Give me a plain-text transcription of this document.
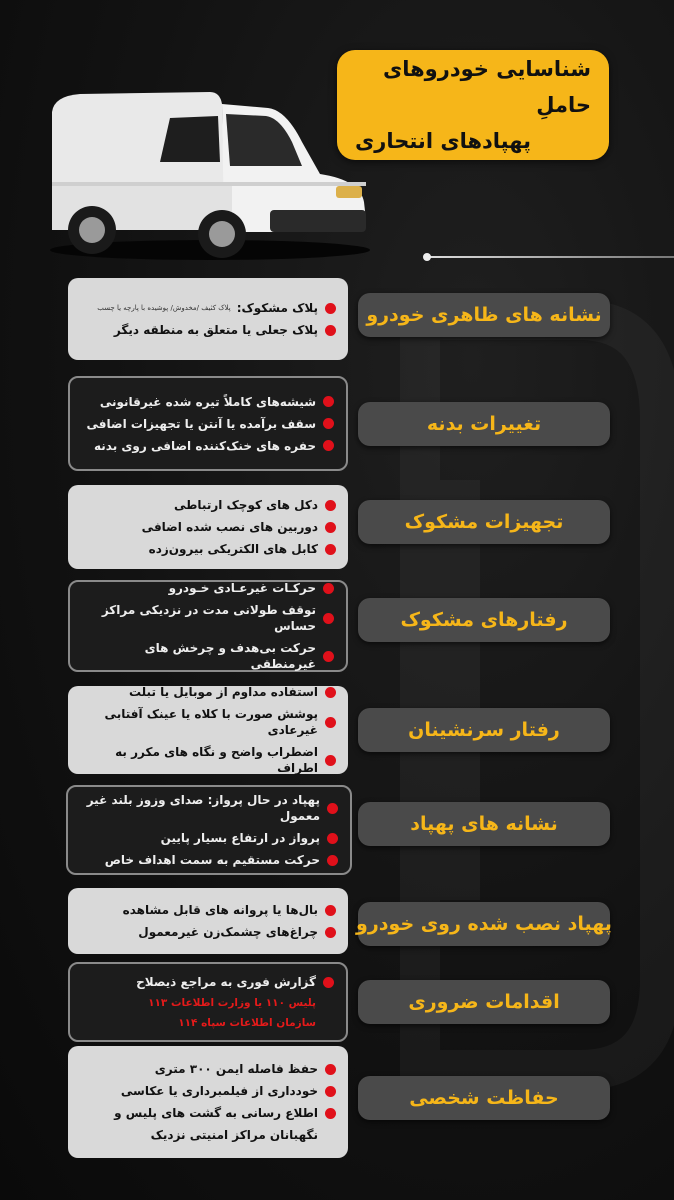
شناسایی خودروهای حاملِ
پهپادهای انتحاری
نشانه های ظاهری خودرو
پلاک مشکوک:
پلاک کثیف /مخدوش/ پوشیده با پارچه یا چسب
پلاک جعلی یا متعلق به منطقه دیگر
تغییرات بدنه
شیشه‌های کاملاً تیره شده غیرقانونی
سقف برآمده یا آنتن یا تجهیزات اضافی
حفره های خنک‌کننده اضافی روی بدنه
تجهیزات مشکوک
دکل های کوچک ارتباطی
دوربین های نصب شده اضافی
کابل های الکتریکی بیرون‌زده
رفتارهای مشکوک
حرکـات غیرعـادی خـودرو
توقف طولانی مدت در نزدیکی مراکز حساس
حرکت بی‌هدف و چرخش های غیرمنطقی
رفتار سرنشینان
استفاده مداوم از موبایل یا تبلت
پوشش صورت با کلاه یا عینک آفتابی غیرعادی
اضطراب واضح و نگاه های مکرر به اطراف
نشانه های پهپاد
پهپاد در حال پرواز: صدای وزوز بلند غیر معمول
پرواز در ارتفاع بسیار پایین
حرکت مستقیم به سمت اهداف خاص
پهپاد نصب شده روی خودرو
بال‌ها یا پروانه های قابل مشاهده
چراغ‌های چشمک‌زن غیرمعمول
اقدامات ضروری
گزارش فوری به مراجع ذیصلاح
پلیس ۱۱۰ یا وزارت اطلاعات ۱۱۳
سازمان اطلاعات سپاه ۱۱۴
حفاظت شخصی
حفظ فاصله ایمن ۳۰۰ متری
خودداری از فیلمبرداری یا عکاسی
اطلاع رسانی به گشت های پلیس و
نگهبانان مراکز امنیتی نزدیک
